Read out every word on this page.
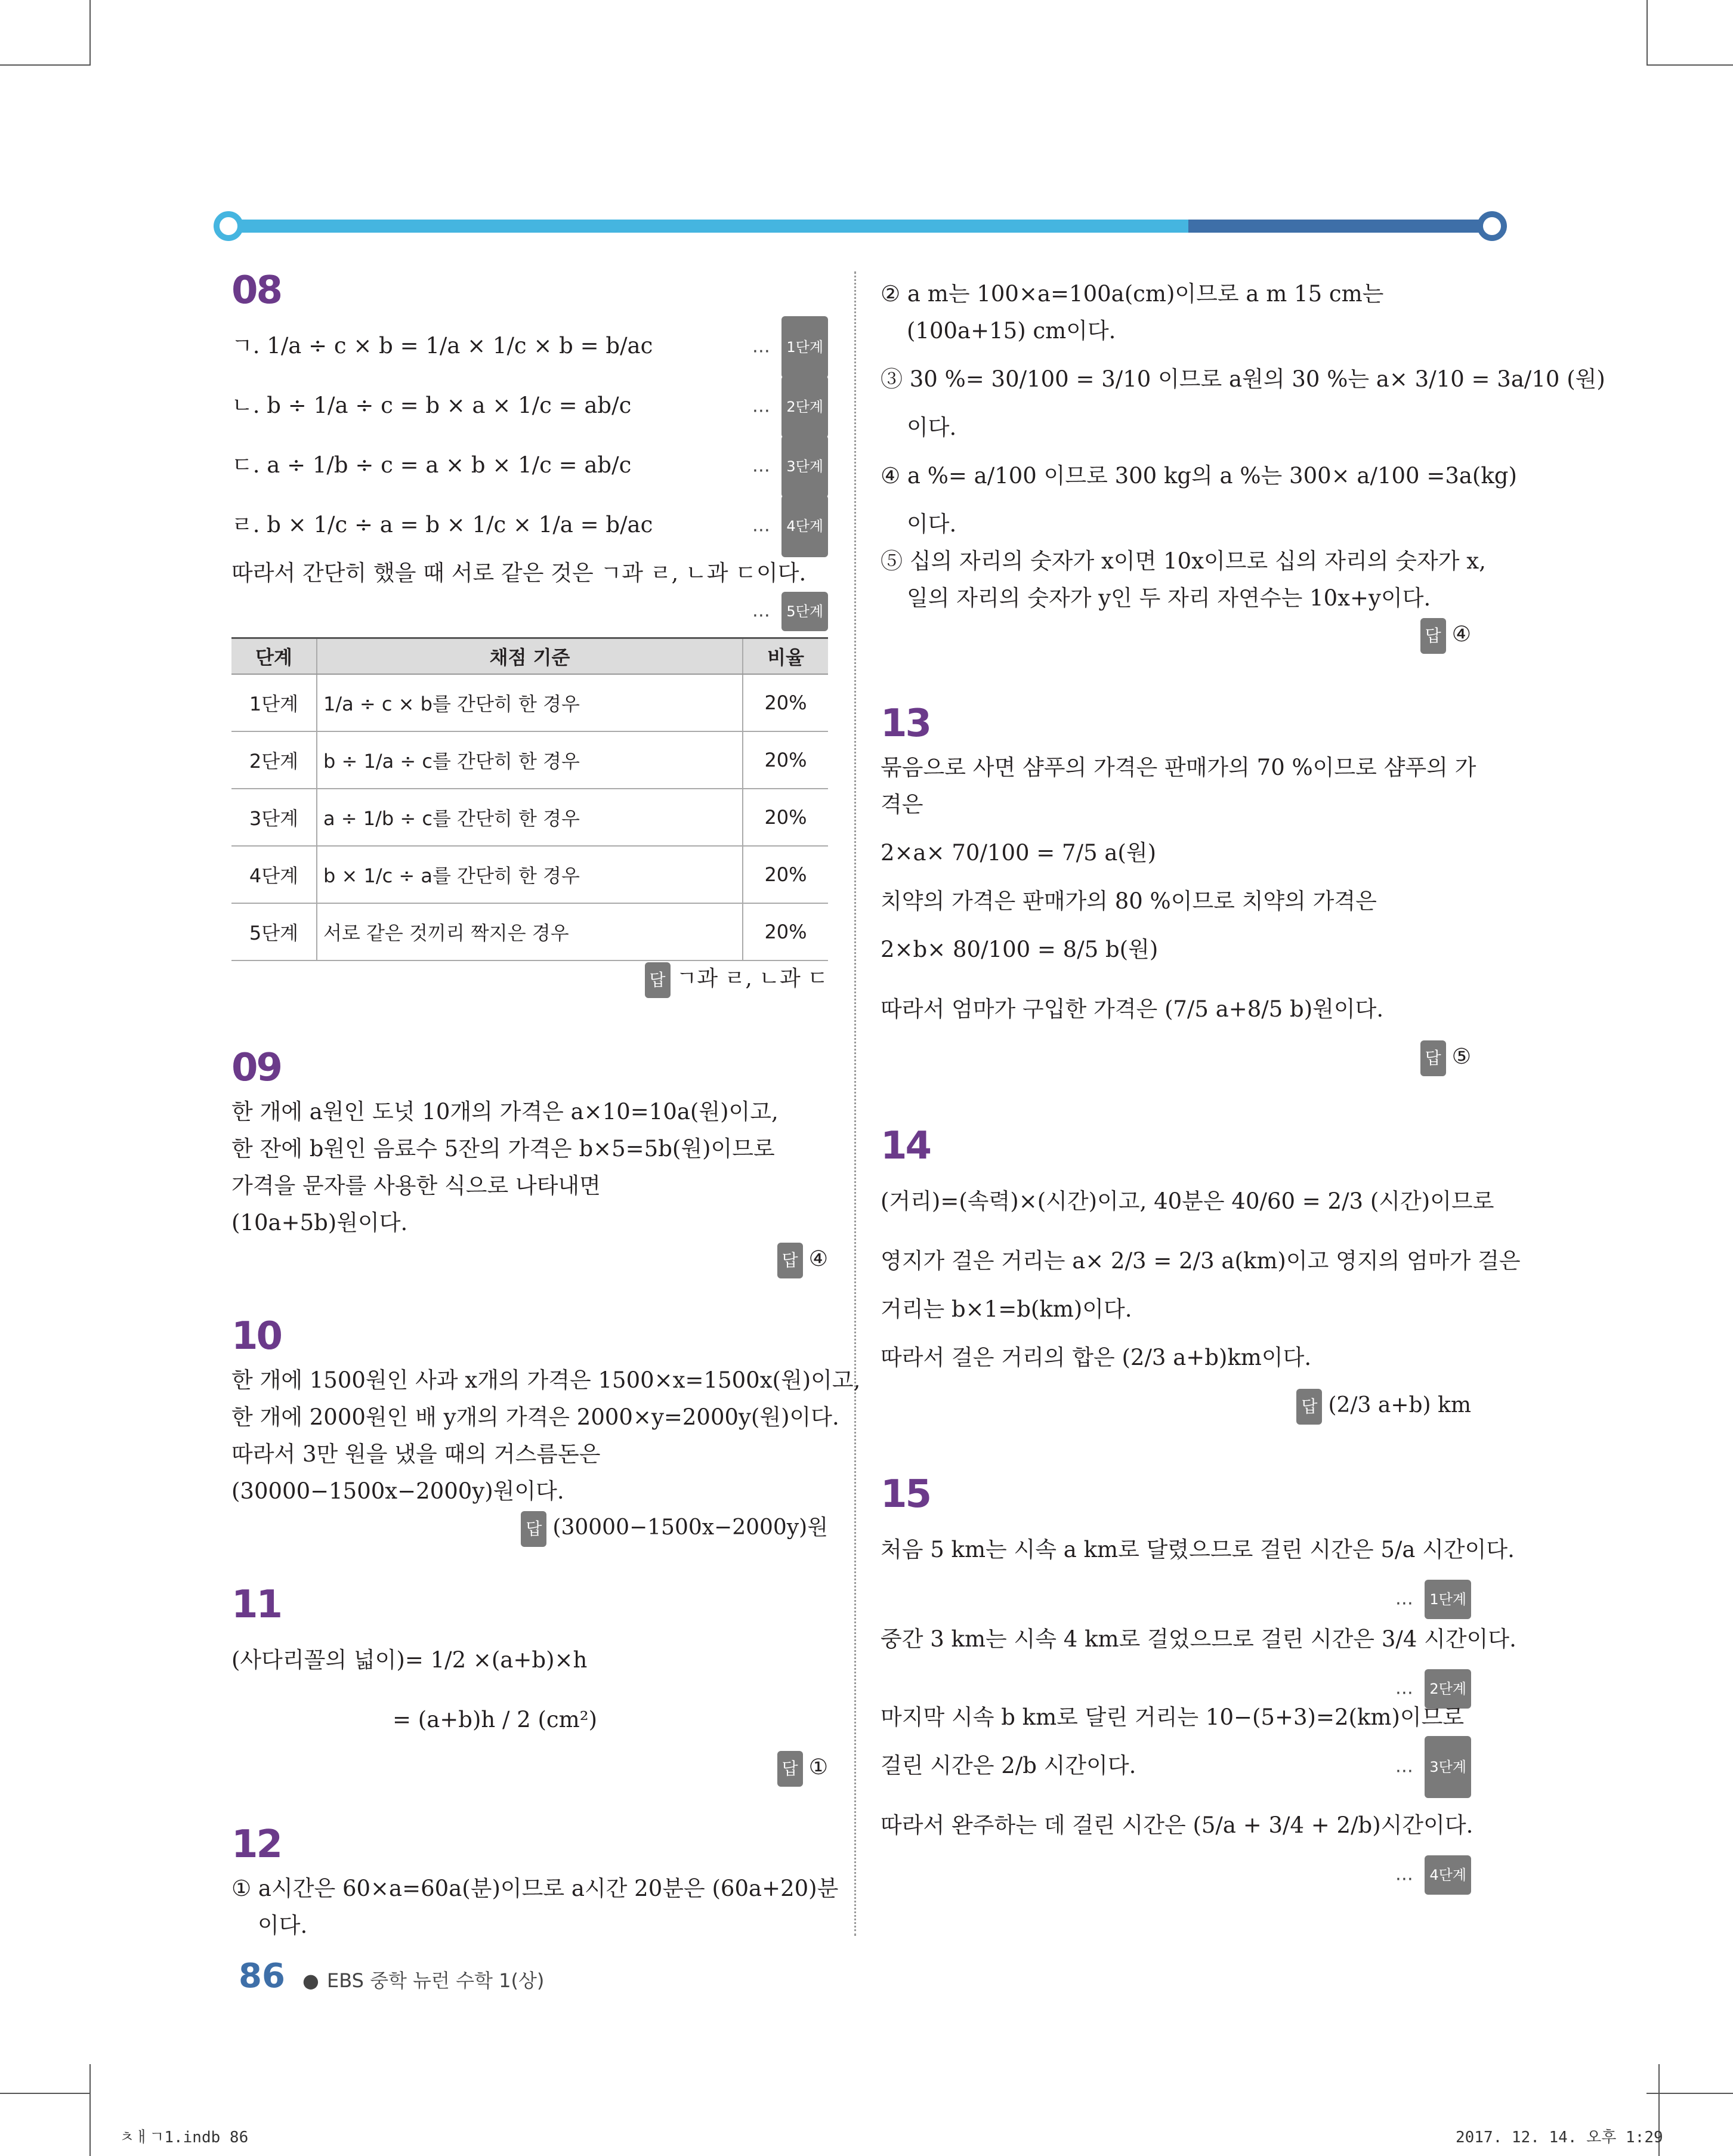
08
ㄱ. 1/a ÷ c × b = 1/a × 1/c × b = b/ac	… 1단계
ㄴ. b ÷ 1/a ÷ c = b × a × 1/c = ab/c	… 2단계
ㄷ. a ÷ 1/b ÷ c = a × b × 1/c = ab/c	… 3단계
ㄹ. b × 1/c ÷ a = b × 1/c × 1/a = b/ac	… 4단계
따라서 간단히 했을 때 서로 같은 것은 ㄱ과 ㄹ, ㄴ과 ㄷ이다.
… 5단계
단계	채점 기준	비율
1단계	1/a ÷ c × b를 간단히 한 경우	20%
2단계	b ÷ 1/a ÷ c를 간단히 한 경우	20%
3단계	a ÷ 1/b ÷ c를 간단히 한 경우	20%
4단계	b × 1/c ÷ a를 간단히 한 경우	20%
5단계	서로 같은 것끼리 짝지은 경우	20%
답 ㄱ과 ㄹ, ㄴ과 ㄷ
09
한 개에 a원인 도넛 10개의 가격은 a×10=10a(원)이고,
한 잔에 b원인 음료수 5잔의 가격은 b×5=5b(원)이므로
가격을 문자를 사용한 식으로 나타내면
(10a+5b)원이다.
답 ④
10
한 개에 1500원인 사과 x개의 가격은 1500×x=1500x(원)이고,
한 개에 2000원인 배 y개의 가격은 2000×y=2000y(원)이다.
따라서 3만 원을 냈을 때의 거스름돈은
(30000−1500x−2000y)원이다.
답 (30000−1500x−2000y)원
11
(사다리꼴의 넓이)= 1/2 ×(a+b)×h
= (a+b)h / 2 (cm²)
답 ①
12
① a시간은 60×a=60a(분)이므로 a시간 20분은 (60a+20)분
이다.
② a m는 100×a=100a(cm)이므로 a m 15 cm는
(100a+15) cm이다.
③ 30 %= 30/100 = 3/10 이므로 a원의 30 %는 a× 3/10 = 3a/10 (원)
이다.
④ a %= a/100 이므로 300 kg의 a %는 300× a/100 =3a(kg)
이다.
⑤ 십의 자리의 숫자가 x이면 10x이므로 십의 자리의 숫자가 x,
일의 자리의 숫자가 y인 두 자리 자연수는 10x+y이다.
답 ④
13
묶음으로 사면 샴푸의 가격은 판매가의 70 %이므로 샴푸의 가
격은
2×a× 70/100 = 7/5 a(원)
치약의 가격은 판매가의 80 %이므로 치약의 가격은
2×b× 80/100 = 8/5 b(원)
따라서 엄마가 구입한 가격은 (7/5 a+8/5 b)원이다.
답 ⑤
14
(거리)=(속력)×(시간)이고, 40분은 40/60 = 2/3 (시간)이므로
영지가 걸은 거리는 a× 2/3 = 2/3 a(km)이고 영지의 엄마가 걸은
거리는 b×1=b(km)이다.
따라서 걸은 거리의 합은 (2/3 a+b)km이다.
답 (2/3 a+b) km
15
처음 5 km는 시속 a km로 달렸으므로 걸린 시간은 5/a 시간이다.
… 1단계
중간 3 km는 시속 4 km로 걸었으므로 걸린 시간은 3/4 시간이다.
… 2단계
마지막 시속 b km로 달린 거리는 10−(5+3)=2(km)이므로
걸린 시간은 2/b 시간이다.	… 3단계
따라서 완주하는 데 걸린 시간은 (5/a + 3/4 + 2/b)시간이다.
… 4단계
86 ● EBS 중학 뉴런 수학 1(상)
ㅊㅐㄱ1.indb 86	2017. 12. 14. 오후 1:29
